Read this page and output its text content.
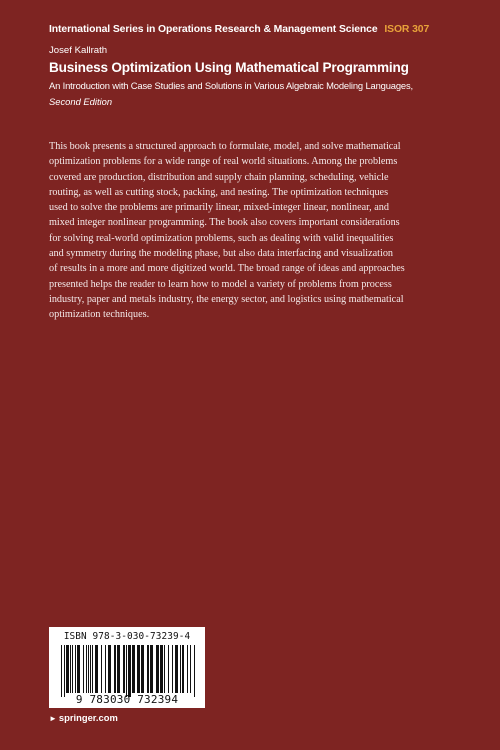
International Series in Operations Research & Management Science ISOR 307
Josef Kallrath
Business Optimization Using Mathematical Programming
An Introduction with Case Studies and Solutions in Various Algebraic Modeling Languages,
Second Edition
This book presents a structured approach to formulate, model, and solve mathematical
optimization problems for a wide range of real world situations. Among the problems
covered are production, distribution and supply chain planning, scheduling, vehicle
routing, as well as cutting stock, packing, and nesting. The optimization techniques
used to solve the problems are primarily linear, mixed-integer linear, nonlinear, and
mixed integer nonlinear programming. The book also covers important considerations
for solving real-world optimization problems, such as dealing with valid inequalities
and symmetry during the modeling phase, but also data interfacing and visualization
of results in a more and more digitized world. The broad range of ideas and approaches
presented helps the reader to learn how to model a variety of problems from process
industry, paper and metals industry, the energy sector, and logistics using mathematical
optimization techniques.
ISBN 978-3-030-73239-4
9 783030 732394
► springer.com
